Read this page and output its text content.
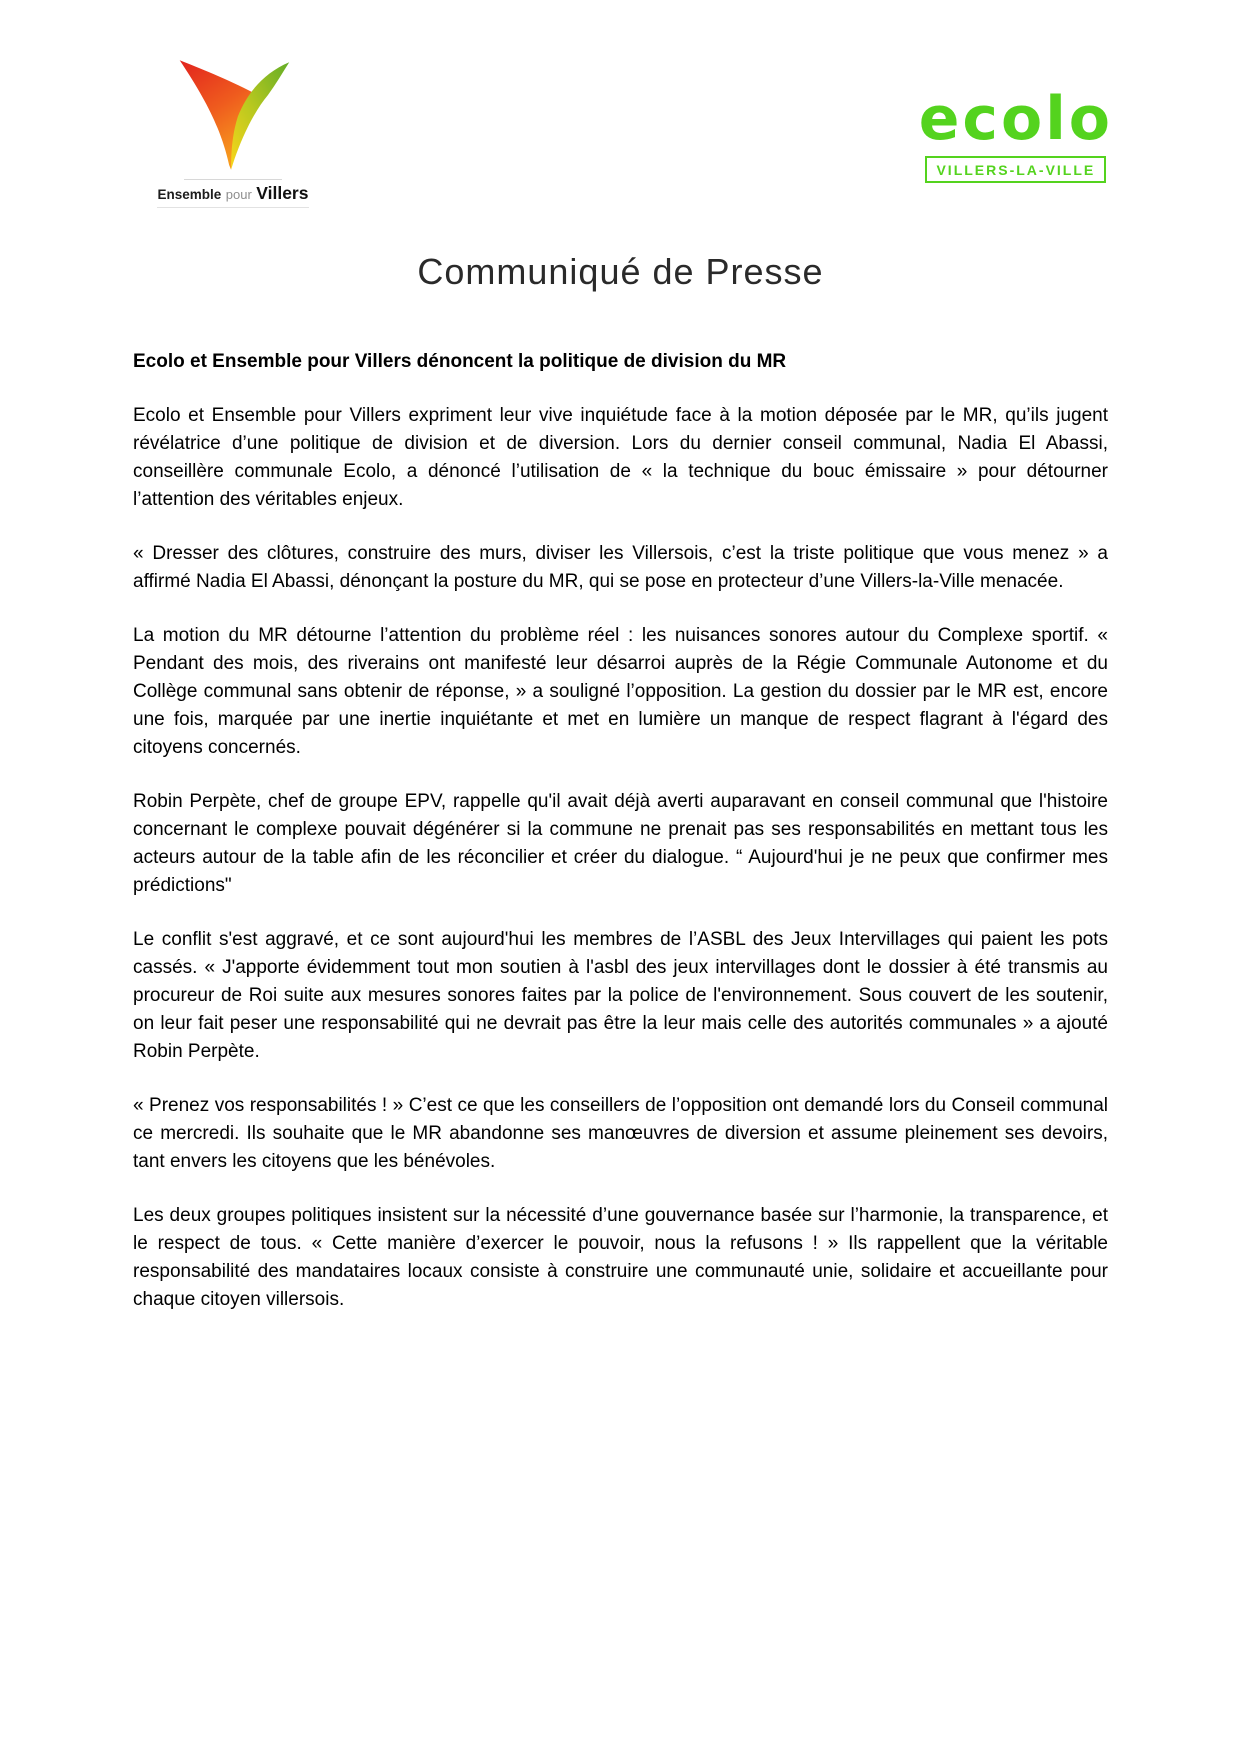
Ensemble pour Villers
ecolo
VILLERS-LA-VILLE
Communiqué de Presse
Ecolo et Ensemble pour Villers dénoncent la politique de division du MR

Ecolo et Ensemble pour Villers expriment leur vive inquiétude face à la motion déposée par le MR, qu’ils jugent révélatrice d’une politique de division et de diversion. Lors du dernier conseil communal, Nadia El Abassi, conseillère communale Ecolo, a dénoncé l’utilisation de « la technique du bouc émissaire » pour détourner l’attention des véritables enjeux.

« Dresser des clôtures, construire des murs, diviser les Villersois, c’est la triste politique que vous menez » a affirmé Nadia El Abassi, dénonçant la posture du MR, qui se pose en protecteur d’une Villers-la-Ville menacée.

La motion du MR détourne l’attention du problème réel : les nuisances sonores autour du Complexe sportif. « Pendant des mois, des riverains ont manifesté leur désarroi auprès de la Régie Communale Autonome et du Collège communal sans obtenir de réponse, » a souligné l’opposition. La gestion du dossier par le MR est, encore une fois, marquée par une inertie inquiétante et met en lumière un manque de respect flagrant à l'égard des citoyens concernés.

Robin Perpète, chef de groupe EPV, rappelle qu'il avait déjà averti auparavant en conseil communal que l'histoire concernant le complexe pouvait dégénérer si la commune ne prenait pas ses responsabilités en mettant tous les acteurs autour de la table afin de les réconcilier et créer du dialogue. “ Aujourd'hui je ne peux que confirmer mes prédictions"

Le conflit s'est aggravé, et ce sont aujourd'hui les membres de l’ASBL des Jeux Intervillages qui paient les pots cassés. « J'apporte évidemment tout mon soutien à l'asbl des jeux intervillages dont le dossier à été transmis au procureur de Roi suite aux mesures sonores faites par la police de l'environnement. Sous couvert de les soutenir, on leur fait peser une responsabilité qui ne devrait pas être la leur mais celle des autorités communales » a ajouté Robin Perpète.

« Prenez vos responsabilités ! » C’est ce que les conseillers de l’opposition ont demandé lors du Conseil communal ce mercredi. Ils souhaite que le MR abandonne ses manœuvres de diversion et assume pleinement ses devoirs, tant envers les citoyens que les bénévoles.

Les deux groupes politiques insistent sur la nécessité d’une gouvernance basée sur l’harmonie, la transparence, et le respect de tous. « Cette manière d’exercer le pouvoir, nous la refusons ! » Ils rappellent que la véritable responsabilité des mandataires locaux consiste à construire une communauté unie, solidaire et accueillante pour chaque citoyen villersois.
